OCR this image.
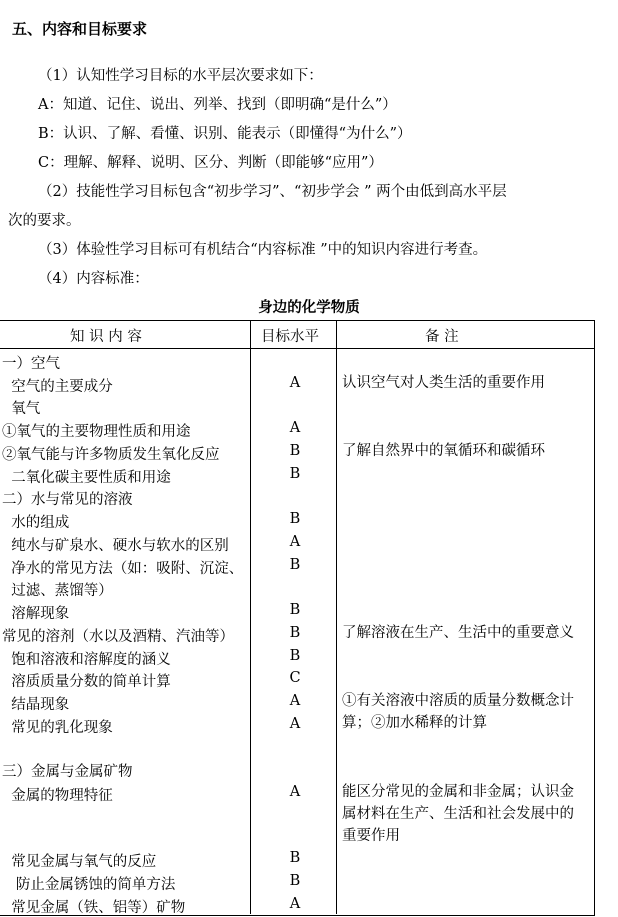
五、内容和目标要求
（1）认知性学习目标的水平层次要求如下：
A：知道、记住、说出、列举、找到（即明确“是什么”）
B：认识、了解、看懂、识别、能表示（即懂得“为什么”）
C：理解、解释、说明、区分、判断（即能够“应用”）
（2）技能性学习目标包含“初步学习”、“初步学会 ” 两个由低到高水平层
次的要求。
（3）体验性学习目标可有机结合“内容标准 ”中的知识内容进行考查。
（4）内容标准：
身边的化学物质
知 识 内 容	目标水平	备 注
一）空气
空气的主要成分	A	认识空气对人类生活的重要作用
氧气
①氧气的主要物理性质和用途	A
②氧气能与许多物质发生氧化反应	B	了解自然界中的氧循环和碳循环
二氧化碳主要性质和用途	B
二）水与常见的溶液
水的组成	B
纯水与矿泉水、硬水与软水的区别	A
净水的常见方法（如：吸附、沉淀、	B
过滤、蒸馏等）
溶解现象	B
常见的溶剂（水以及酒精、汽油等）	B	了解溶液在生产、生活中的重要意义
饱和溶液和溶解度的涵义	B
溶质质量分数的简单计算	C
结晶现象	A	①有关溶液中溶质的质量分数概念计算；②加水稀释的计算
常见的乳化现象	A
三）金属与金属矿物
金属的物理特征	A	能区分常见的金属和非金属；认识金属材料在生产、生活和社会发展中的重要作用
常见金属与氧气的反应	B
防止金属锈蚀的简单方法	B
常见金属（铁、铝等）矿物	A
